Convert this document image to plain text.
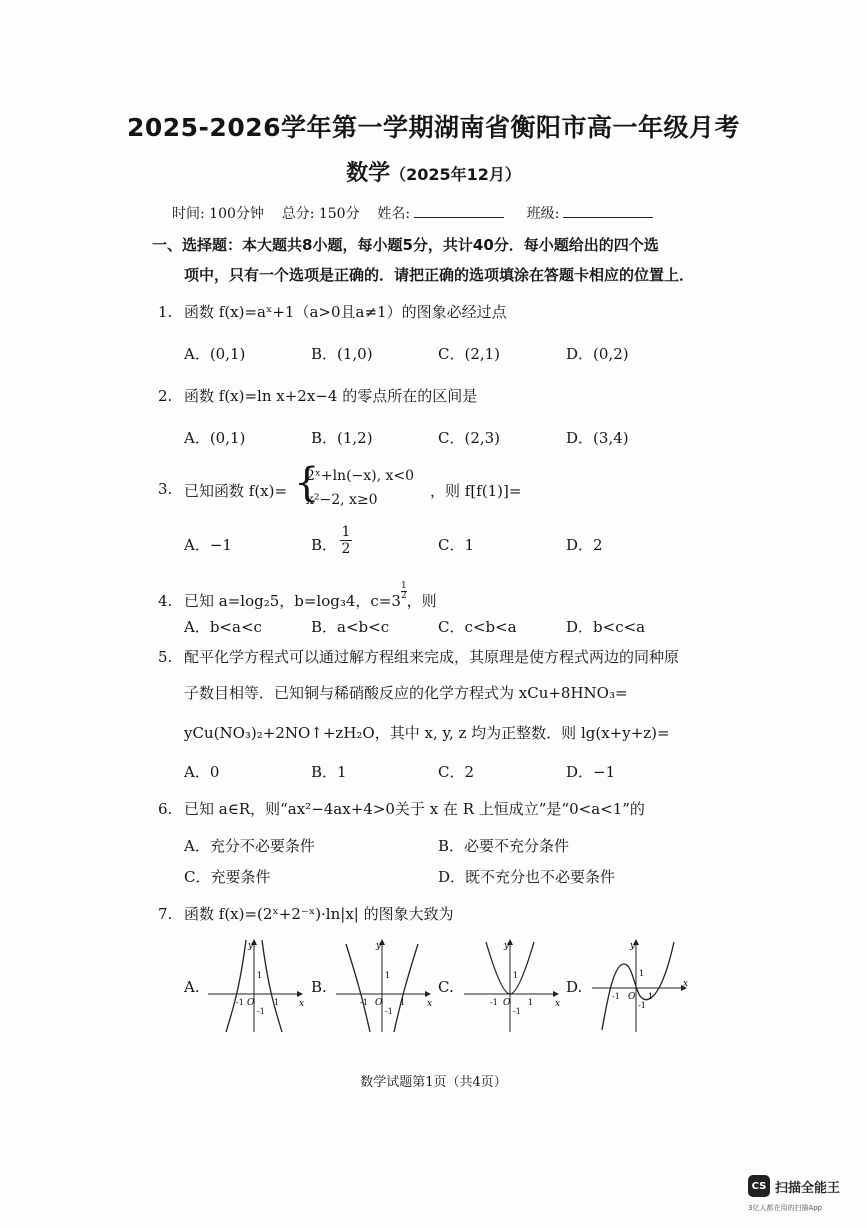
2025-2026学年第一学期湖南省衡阳市高一年级月考
数学（2025年12月）
时间: 100分钟 总分: 150分 姓名:	班级:
一、选择题：本大题共8小题，每小题5分，共计40分．每小题给出的四个选
项中，只有一个选项是正确的．请把正确的选项填涂在答题卡相应的位置上．
1. 函数 f(x)=aˣ+1（a>0且a≠1）的图象必经过点
A．(0,1)	B．(1,0)	C．(2,1)	D．(0,2)
2. 函数 f(x)=ln x+2x−4 的零点所在的区间是
A．(0,1)	B．(1,2)	C．(2,3)	D．(3,4)
3. 已知函数 f(x)= {
2ˣ+ln(−x), x<0
x²−2, x≥0	，则 f[f(1)]=
A．−1	B． $\frac{1}{2}$	C．1	D．2
4. 已知 a=log₂5，b=log₃4，$c=3 \frac{1}{2}$ ，则
A．b<a<c	B．a<b<c	C．c<b<a	D．b<c<a
5. 配平化学方程式可以通过解方程组来完成，其原理是使方程式两边的同种原
子数目相等．已知铜与稀硝酸反应的化学方程式为 xCu+8HNO₃=
yCu(NO₃)₂+2NO↑+zH₂O，其中 x, y, z 均为正整数．则 lg(x+y+z)=
A．0	B．1	C．2	D．−1
6. 已知 a∈R，则“ax²−4ax+4>0关于 x 在 R 上恒成立”是“0<a<1”的
A．充分不必要条件	B．必要不充分条件
C．充要条件	D．既不充分也不必要条件
7. 函数 f(x)=(2ˣ+2⁻ˣ)·ln|x| 的图象大致为
A.	B.	C.	D.
y
x
O
1
-1
-1	1
y
x
O
1
-1
-1	1
y
x
O
1
-1
-1	1
y
x
O
1
-1
-1	1
数学试题第1页（共4页）
CS 扫描全能王
3亿人都在用的扫描App
